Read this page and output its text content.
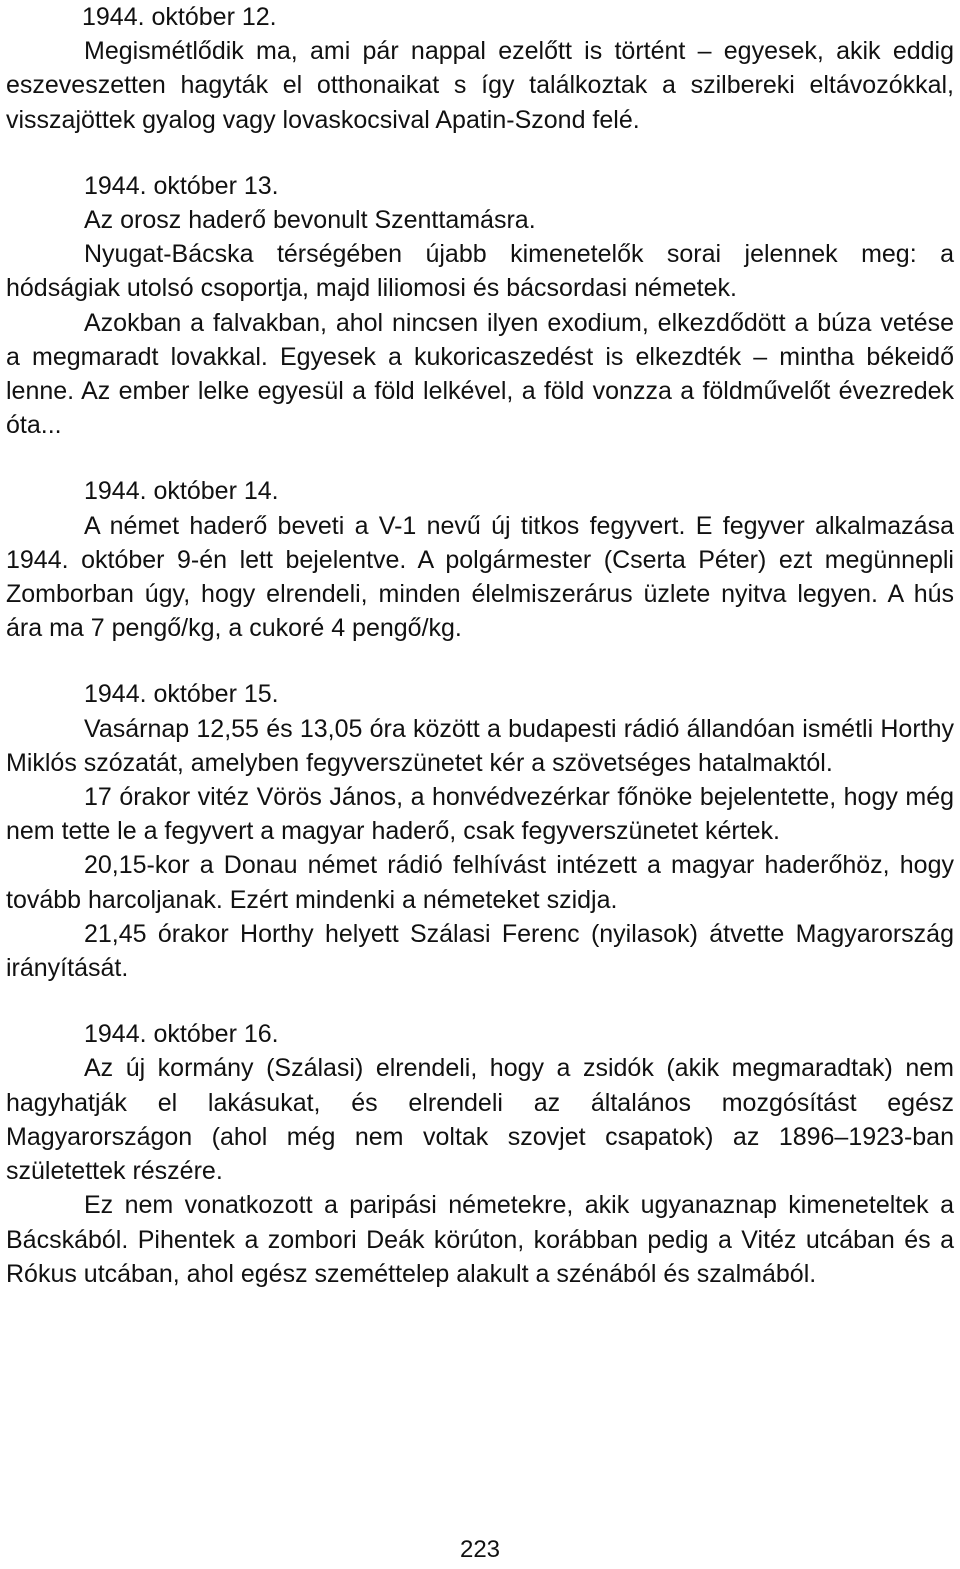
1944. október 12.

Megismétlődik ma, ami pár nappal ezelőtt is történt – egyesek, akik eddig eszeveszetten hagyták el otthonaikat s így találkoztak a szilbereki eltávozókkal, visszajöttek gyalog vagy lovaskocsival Apatin-Szond felé.

1944. október 13.

Az orosz haderő bevonult Szenttamásra.

Nyugat-Bácska térségében újabb kimenetelők sorai jelennek meg: a hódságiak utolsó csoportja, majd liliomosi és bácsordasi németek.

Azokban a falvakban, ahol nincsen ilyen exodium, elkezdődött a búza vetése a megmaradt lovakkal. Egyesek a kukoricaszedést is elkezdték – mintha békeidő lenne. Az ember lelke egyesül a föld lelkével, a föld vonzza a földművelőt évezredek óta...

1944. október 14.

A német haderő beveti a V-1 nevű új titkos fegyvert. E fegyver alkalmazása 1944. október 9-én lett bejelentve. A polgármester (Cserta Péter) ezt megünnepli Zomborban úgy, hogy elrendeli, minden élelmiszerárus üzlete nyitva legyen. A hús ára ma 7 pengő/kg, a cukoré 4 pengő/kg.

1944. október 15.

Vasárnap 12,55 és 13,05 óra között a budapesti rádió állandóan ismétli Horthy Miklós szózatát, amelyben fegyverszünetet kér a szövetséges hatalmaktól.

17 órakor vitéz Vörös János, a honvédvezérkar főnöke bejelentette, hogy még nem tette le a fegyvert a magyar haderő, csak fegyverszünetet kértek.

20,15-kor a Donau német rádió felhívást intézett a magyar haderőhöz, hogy tovább harcoljanak. Ezért mindenki a németeket szidja.

21,45 órakor Horthy helyett Szálasi Ferenc (nyilasok) átvette Magyarország irányítását.

1944. október 16.

Az új kormány (Szálasi) elrendeli, hogy a zsidók (akik megmaradtak) nem hagyhatják el lakásukat, és elrendeli az általános mozgósítást egész Magyarországon (ahol még nem voltak szovjet csapatok) az 1896–1923-ban születettek részére.

Ez nem vonatkozott a paripási németekre, akik ugyanaznap kimeneteltek a Bácskából. Pihentek a zombori Deák körúton, korábban pedig a Vitéz utcában és a Rókus utcában, ahol egész szeméttelep alakult a szénából és szalmából.

223
